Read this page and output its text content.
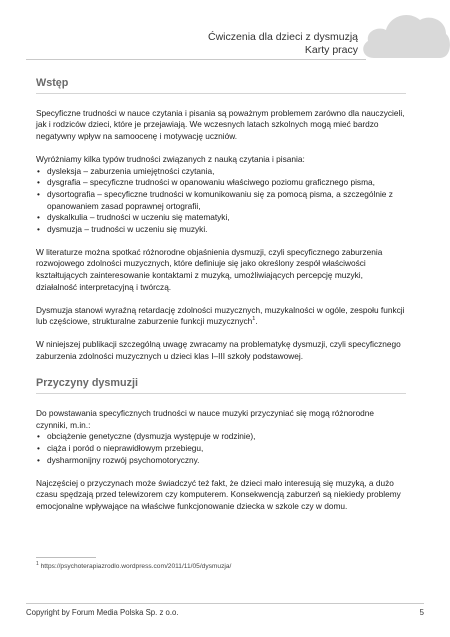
Ćwiczenia dla dzieci z dysmuzją
Karty pracy
Wstęp

Specyficzne trudności w nauce czytania i pisania są poważnym problemem zarówno dla nauczycieli, jak i rodziców dzieci, które je przejawiają. We wczesnych latach szkolnych mogą mieć bardzo negatywny wpływ na samoocenę i motywację uczniów.

Wyróżniamy kilka typów trudności związanych z nauką czytania i pisania:

• dysleksja – zaburzenia umiejętności czytania,
• dysgrafia – specyficzne trudności w opanowaniu właściwego poziomu graficznego pisma,
• dysortografia – specyficzne trudności w komunikowaniu się za pomocą pisma, a szczególnie z opanowaniem zasad poprawnej ortografii,
• dyskalkulia – trudności w uczeniu się matematyki,
• dysmuzja – trudności w uczeniu się muzyki.

W literaturze można spotkać różnorodne objaśnienia dysmuzji, czyli specyficznego zaburzenia rozwojowego zdolności muzycznych, które definiuje się jako określony zespół właściwości kształtujących zainteresowanie kontaktami z muzyką, umożliwiających percepcję muzyki, działalność interpretacyjną i twórczą.

Dysmuzja stanowi wyraźną retardację zdolności muzycznych, muzykalności w ogóle, zespołu funkcji lub częściowe, strukturalne zaburzenie funkcji muzycznych$^1$.

W niniejszej publikacji szczególną uwagę zwracamy na problematykę dysmuzji, czyli specyficznego zaburzenia zdolności muzycznych u dzieci klas I–III szkoły podstawowej.

Przyczyny dysmuzji

Do powstawania specyficznych trudności w nauce muzyki przyczyniać się mogą różnorodne czynniki, m.in.:

• obciążenie genetyczne (dysmuzja występuje w rodzinie),
• ciąża i poród o nieprawidłowym przebiegu,
• dysharmonijny rozwój psychomotoryczny.

Najczęściej o przyczynach może świadczyć też fakt, że dzieci mało interesują się muzyką, a dużo czasu spędzają przed telewizorem czy komputerem. Konsekwencją zaburzeń są niekiedy problemy emocjonalne wpływające na właściwe funkcjonowanie dziecka w szkole czy w domu.

$^1$ https://psychoterapiazrodlo.wordpress.com/2011/11/05/dysmuzja/
Copyright by Forum Media Polska Sp. z o.o.	5
